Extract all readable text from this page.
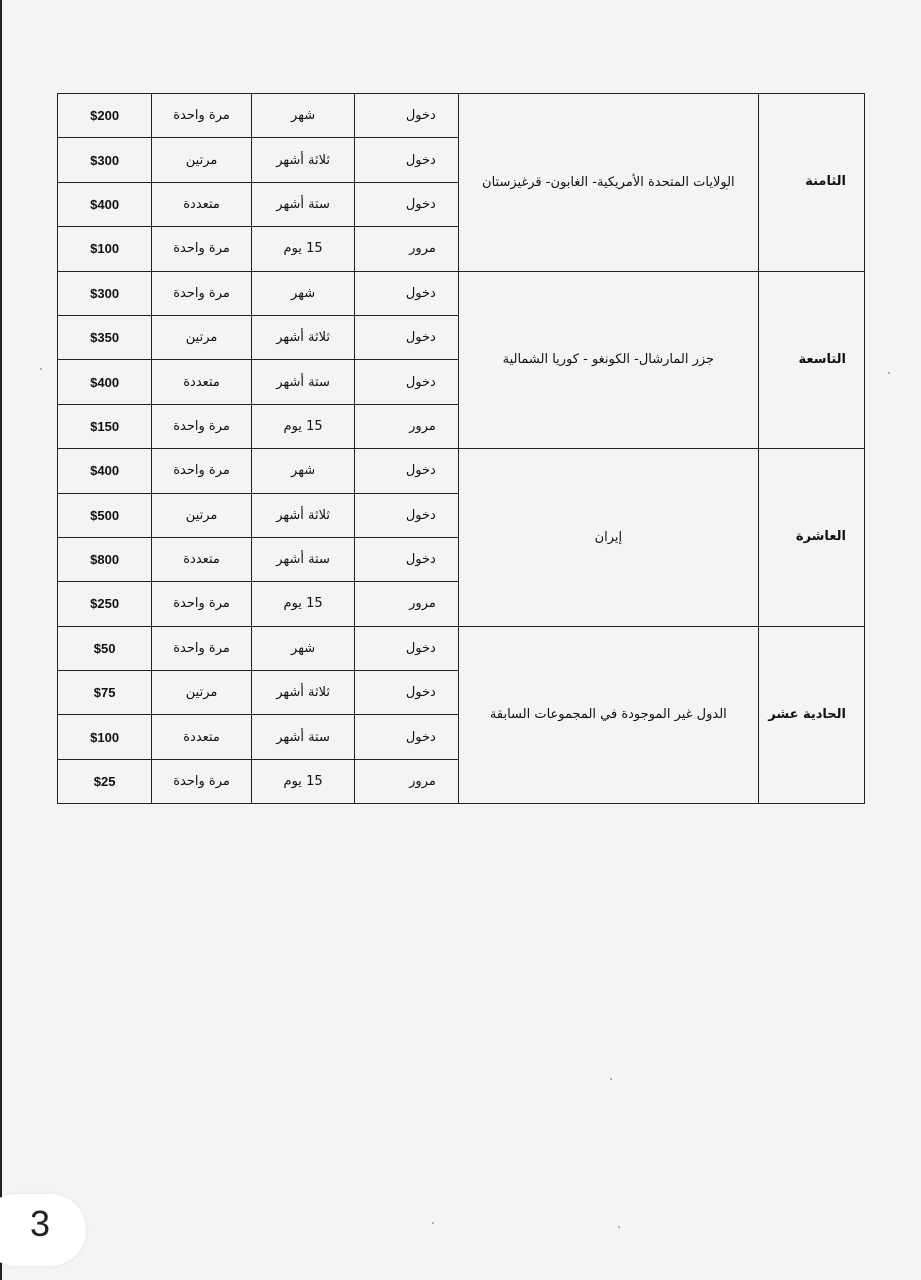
الثامنة	الولايات المتحدة الأمريكية- الغابون- قرغيزستان	دخول	شهر	مرة واحدة	$200
		دخول	ثلاثة أشهر	مرتين	$300
		دخول	ستة أشهر	متعددة	$400
		مرور	15 يوم	مرة واحدة	$100
التاسعة	جزر المارشال- الكونغو - كوريا الشمالية	دخول	شهر	مرة واحدة	$300
		دخول	ثلاثة أشهر	مرتين	$350
		دخول	ستة أشهر	متعددة	$400
		مرور	15 يوم	مرة واحدة	$150
العاشرة	إيران	دخول	شهر	مرة واحدة	$400
		دخول	ثلاثة أشهر	مرتين	$500
		دخول	ستة أشهر	متعددة	$800
		مرور	15 يوم	مرة واحدة	$250
الحادية عشر	الدول غير الموجودة في المجموعات السابقة	دخول	شهر	مرة واحدة	$50
		دخول	ثلاثة أشهر	مرتين	$75
		دخول	ستة أشهر	متعددة	$100
		مرور	15 يوم	مرة واحدة	$25
3
